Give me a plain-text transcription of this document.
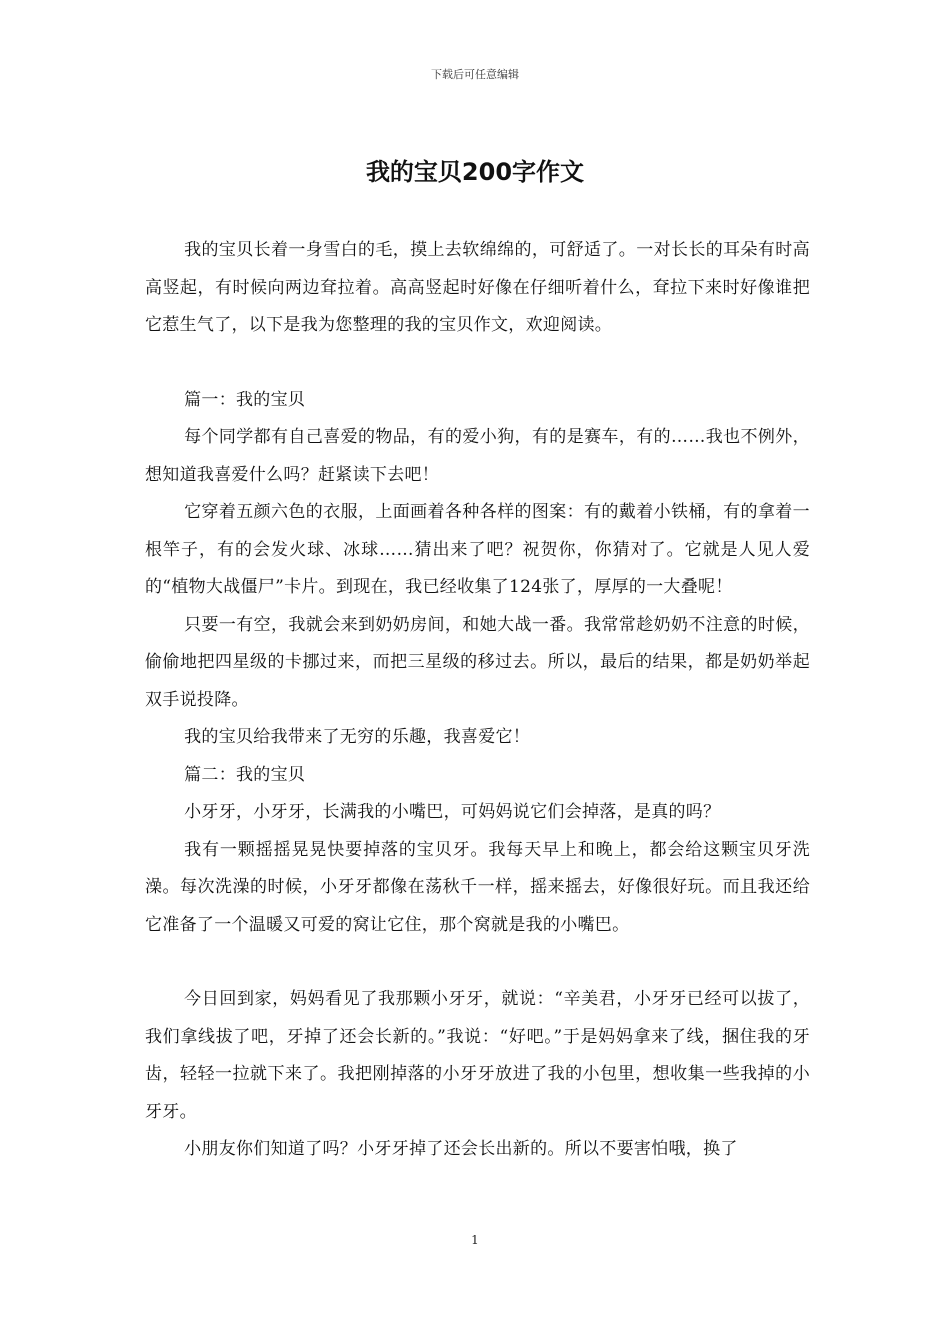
下载后可任意编辑
我的宝贝200字作文

我的宝贝长着一身雪白的毛，摸上去软绵绵的，可舒适了。一对长长的耳朵有时高高竖起，有时候向两边耷拉着。高高竖起时好像在仔细听着什么，耷拉下来时好像谁把它惹生气了，以下是我为您整理的我的宝贝作文，欢迎阅读。

篇一：我的宝贝

每个同学都有自己喜爱的物品，有的爱小狗，有的是赛车，有的……我也不例外，想知道我喜爱什么吗？赶紧读下去吧！

它穿着五颜六色的衣服，上面画着各种各样的图案：有的戴着小铁桶，有的拿着一根竿子，有的会发火球、冰球……猜出来了吧？祝贺你，你猜对了。它就是人见人爱的“植物大战僵尸”卡片。到现在，我已经收集了124张了，厚厚的一大叠呢！

只要一有空，我就会来到奶奶房间，和她大战一番。我常常趁奶奶不注意的时候，偷偷地把四星级的卡挪过来，而把三星级的移过去。所以，最后的结果，都是奶奶举起双手说投降。

我的宝贝给我带来了无穷的乐趣，我喜爱它！

篇二：我的宝贝

小牙牙，小牙牙，长满我的小嘴巴，可妈妈说它们会掉落，是真的吗？

我有一颗摇摇晃晃快要掉落的宝贝牙。我每天早上和晚上，都会给这颗宝贝牙洗澡。每次洗澡的时候，小牙牙都像在荡秋千一样，摇来摇去，好像很好玩。而且我还给它准备了一个温暖又可爱的窝让它住，那个窝就是我的小嘴巴。

今日回到家，妈妈看见了我那颗小牙牙，就说：“辛美君，小牙牙已经可以拔了，我们拿线拔了吧，牙掉了还会长新的。”我说：“好吧。”于是妈妈拿来了线，捆住我的牙齿，轻轻一拉就下来了。我把刚掉落的小牙牙放进了我的小包里，想收集一些我掉的小牙牙。

小朋友你们知道了吗？小牙牙掉了还会长出新的。所以不要害怕哦，换了

1
